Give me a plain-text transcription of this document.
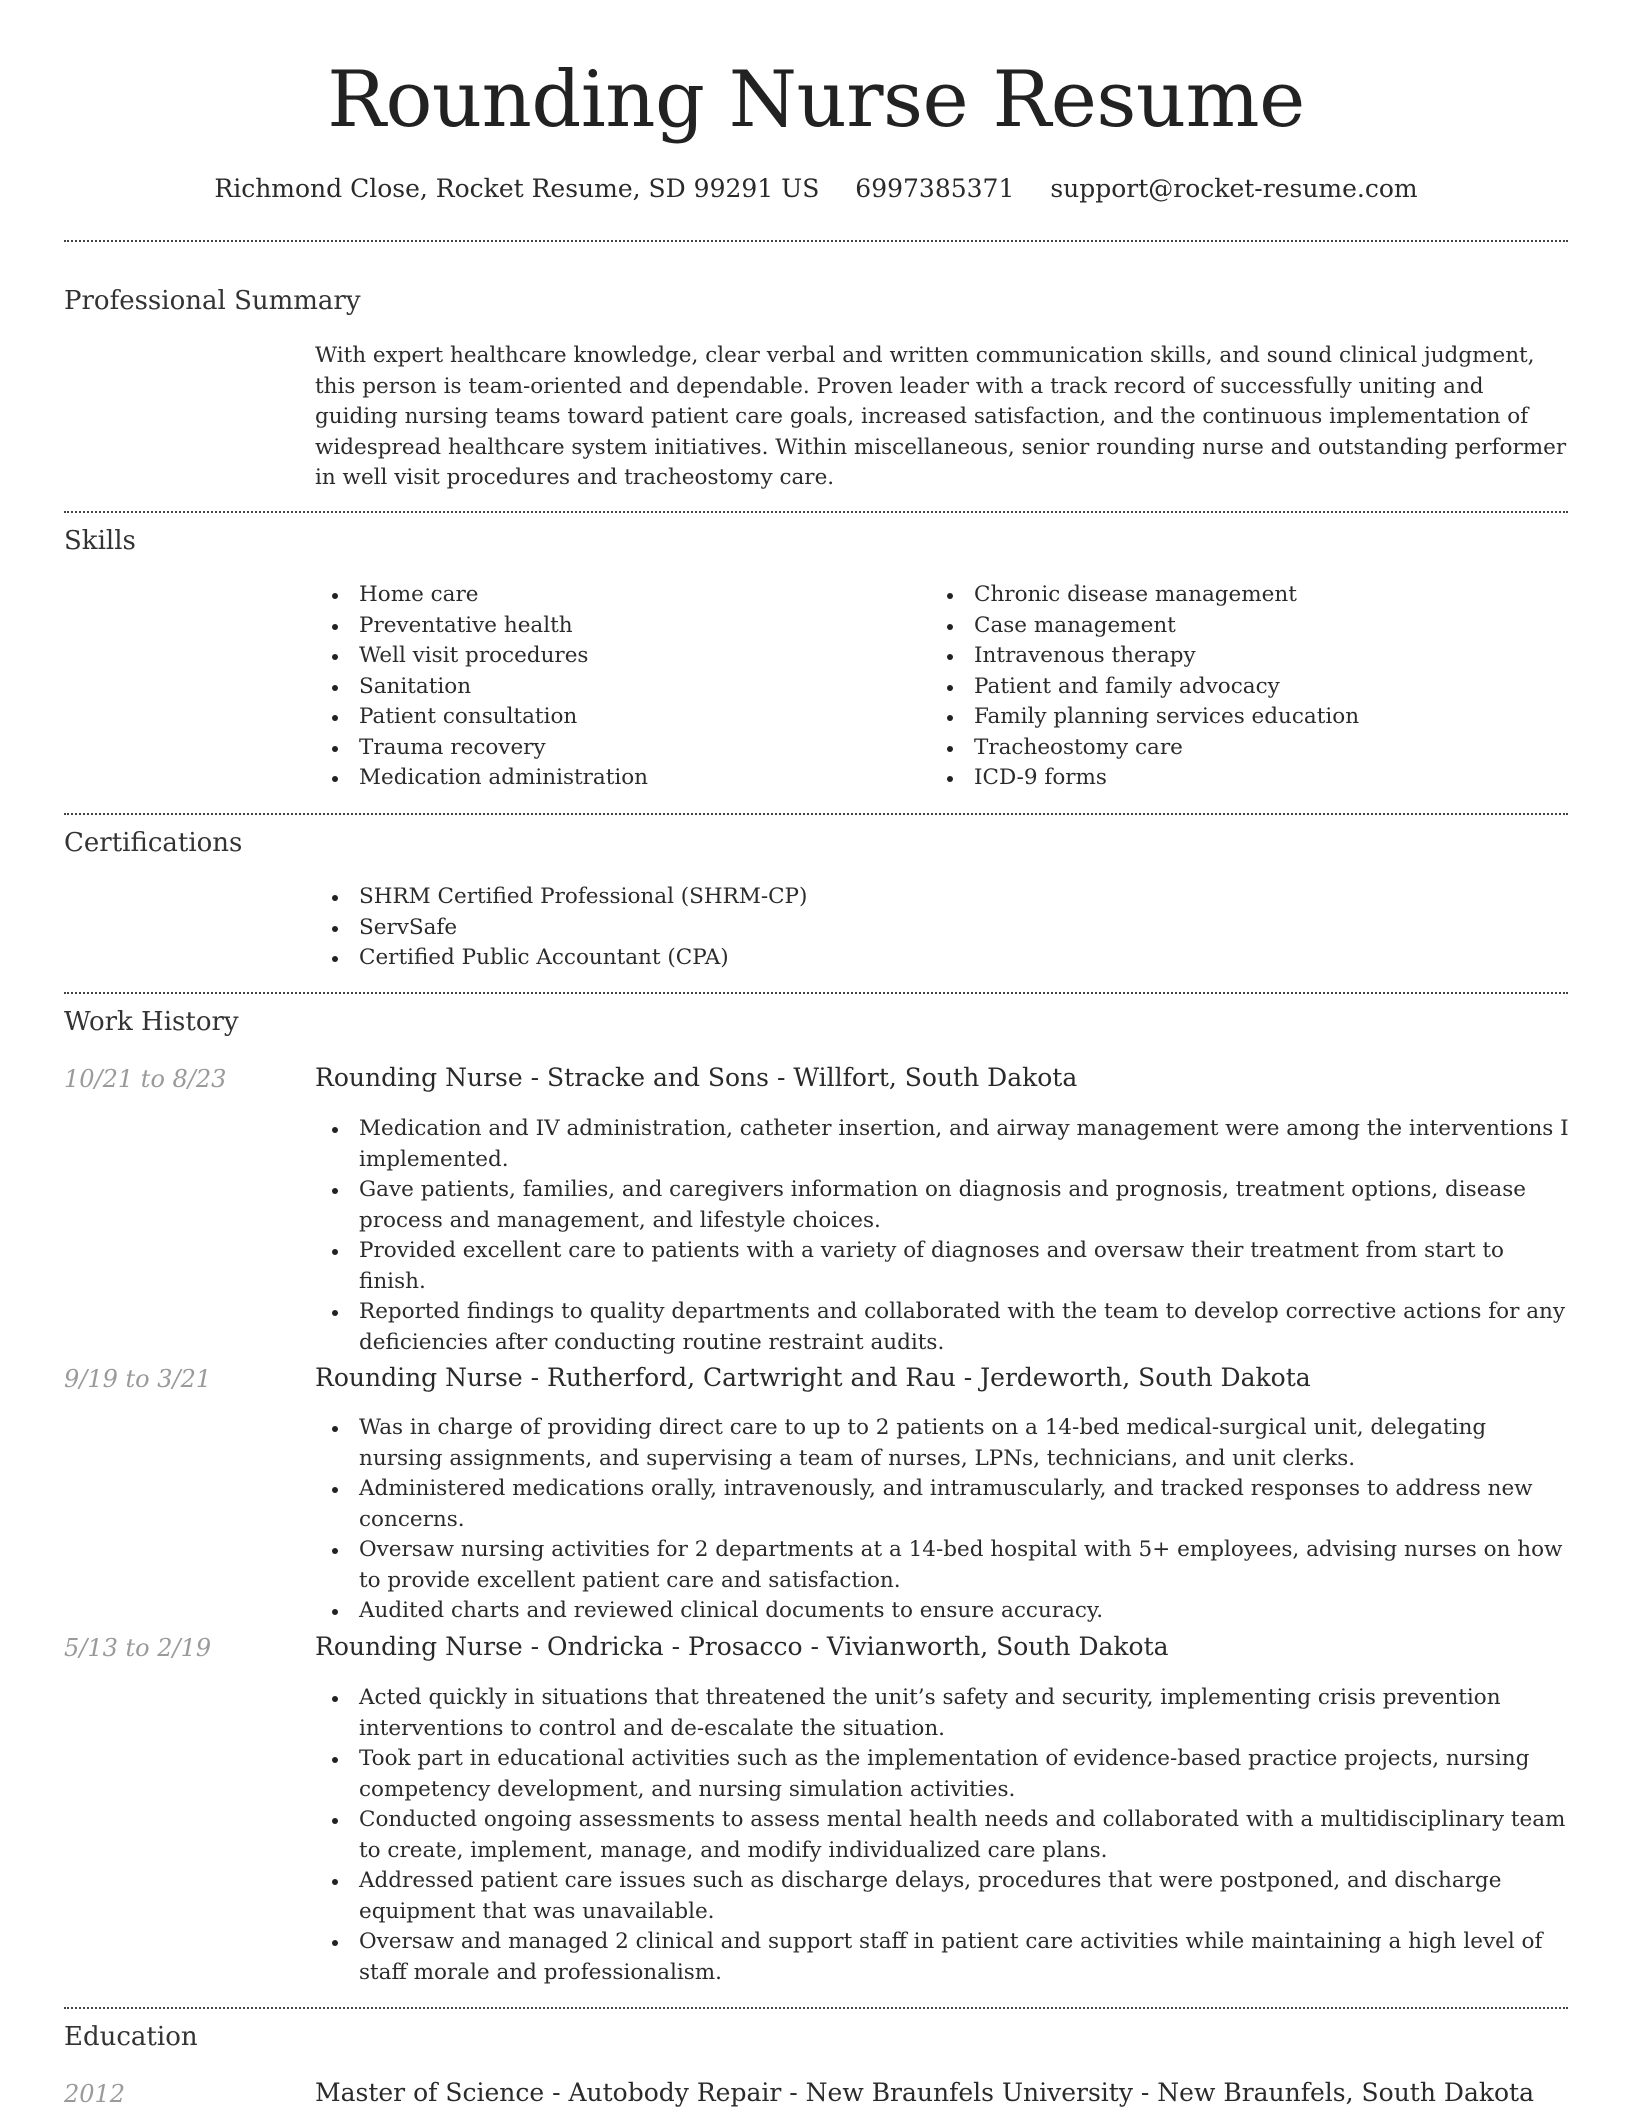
Rounding Nurse Resume
Richmond Close, Rocket Resume, SD 99291 US 6997385371 support@rocket-resume.com
Professional Summary
With expert healthcare knowledge, clear verbal and written communication skills, and sound clinical judgment, this person is team-oriented and dependable. Proven leader with a track record of successfully uniting and guiding nursing teams toward patient care goals, increased satisfaction, and the continuous implementation of widespread healthcare system initiatives. Within miscellaneous, senior rounding nurse and outstanding performer in well visit procedures and tracheostomy care.
Skills
Home care
Preventative health
Well visit procedures
Sanitation
Patient consultation
Trauma recovery
Medication administration
Chronic disease management
Case management
Intravenous therapy
Patient and family advocacy
Family planning services education
Tracheostomy care
ICD-9 forms
Certifications
SHRM Certified Professional (SHRM-CP)
ServSafe
Certified Public Accountant (CPA)
Work History
10/21 to 8/23	Rounding Nurse - Stracke and Sons - Willfort, South Dakota
Medication and IV administration, catheter insertion, and airway management were among the interventions I implemented.
Gave patients, families, and caregivers information on diagnosis and prognosis, treatment options, disease process and management, and lifestyle choices.
Provided excellent care to patients with a variety of diagnoses and oversaw their treatment from start to finish.
Reported findings to quality departments and collaborated with the team to develop corrective actions for any deficiencies after conducting routine restraint audits.
9/19 to 3/21	Rounding Nurse - Rutherford, Cartwright and Rau - Jerdeworth, South Dakota
Was in charge of providing direct care to up to 2 patients on a 14-bed medical-surgical unit, delegating nursing assignments, and supervising a team of nurses, LPNs, technicians, and unit clerks.
Administered medications orally, intravenously, and intramuscularly, and tracked responses to address new concerns.
Oversaw nursing activities for 2 departments at a 14-bed hospital with 5+ employees, advising nurses on how to provide excellent patient care and satisfaction.
Audited charts and reviewed clinical documents to ensure accuracy.
5/13 to 2/19	Rounding Nurse - Ondricka - Prosacco - Vivianworth, South Dakota
Acted quickly in situations that threatened the unit’s safety and security, implementing crisis prevention interventions to control and de-escalate the situation.
Took part in educational activities such as the implementation of evidence-based practice projects, nursing competency development, and nursing simulation activities.
Conducted ongoing assessments to assess mental health needs and collaborated with a multidisciplinary team to create, implement, manage, and modify individualized care plans.
Addressed patient care issues such as discharge delays, procedures that were postponed, and discharge equipment that was unavailable.
Oversaw and managed 2 clinical and support staff in patient care activities while maintaining a high level of staff morale and professionalism.
Education
2012	Master of Science - Autobody Repair - New Braunfels University - New Braunfels, South Dakota
